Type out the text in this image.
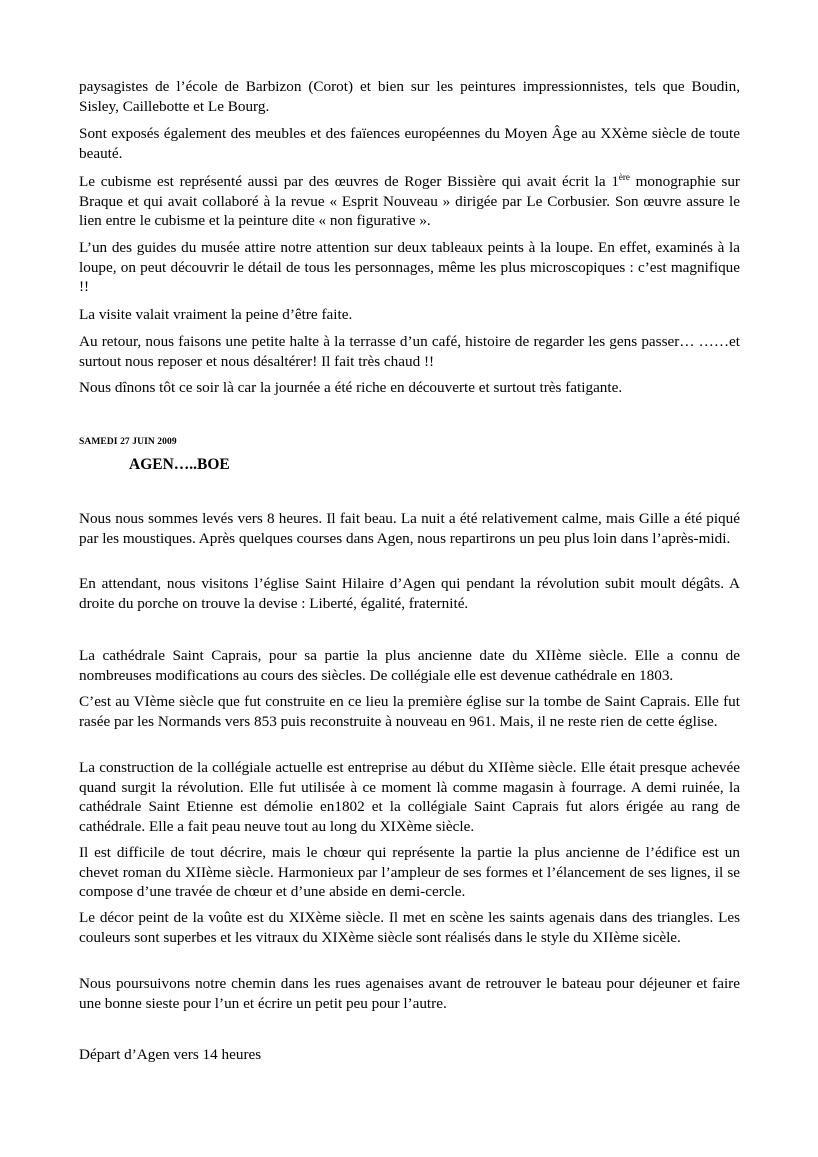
paysagistes de l’école de Barbizon (Corot) et bien sur les peintures impressionnistes, tels que Boudin, Sisley, Caillebotte et Le Bourg.

Sont exposés également des meubles et des faïences européennes du Moyen Âge au XXème siècle de toute beauté.

Le cubisme est représenté aussi par des œuvres de Roger Bissière qui avait écrit la 1ère monographie sur Braque et qui avait collaboré à la revue « Esprit Nouveau » dirigée par Le Corbusier. Son œuvre assure le lien entre le cubisme et la peinture dite « non figurative ».

L’un des guides du musée attire notre attention sur deux tableaux peints à la loupe. En effet, examinés à la loupe, on peut découvrir le détail de tous les personnages, même les plus microscopiques : c’est magnifique !!

La visite valait vraiment la peine d’être faite.

Au retour, nous faisons une petite halte à la terrasse d’un café, histoire de regarder les gens passer… ……et surtout nous reposer et nous désaltérer! Il fait très chaud !!

Nous dînons tôt ce soir là car la journée a été riche en découverte et surtout très fatigante.

SAMEDI 27 JUIN 2009
AGEN…..BOE

Nous nous sommes levés vers 8 heures. Il fait beau. La nuit a été relativement calme, mais Gille a été piqué par les moustiques. Après quelques courses dans Agen, nous repartirons un peu plus loin dans l’après-midi.

En attendant, nous visitons l’église Saint Hilaire d’Agen qui pendant la révolution subit moult dégâts. A droite du porche on trouve la devise : Liberté, égalité, fraternité.

La cathédrale Saint Caprais, pour sa partie la plus ancienne date du XIIème siècle. Elle a connu de nombreuses modifications au cours des siècles. De collégiale elle est devenue cathédrale en 1803.

C’est au VIème siècle que fut construite en ce lieu la première église sur la tombe de Saint Caprais. Elle fut rasée par les Normands vers 853 puis reconstruite à nouveau en 961. Mais, il ne reste rien de cette église.

La construction de la collégiale actuelle est entreprise au début du XIIème siècle. Elle était presque achevée quand surgit la révolution. Elle fut utilisée à ce moment là comme magasin à fourrage. A demi ruinée, la cathédrale Saint Etienne est démolie en1802 et la collégiale Saint Caprais fut alors érigée au rang de cathédrale. Elle a fait peau neuve tout au long du XIXème siècle.

Il est difficile de tout décrire, mais le chœur qui représente la partie la plus ancienne de l’édifice est un chevet roman du XIIème siècle. Harmonieux par l’ampleur de ses formes et l’élancement de ses lignes, il se compose d’une travée de chœur et d’une abside en demi-cercle.

Le décor peint de la voûte est du XIXème siècle. Il met en scène les saints agenais dans des triangles. Les couleurs sont superbes et les vitraux du XIXème siècle sont réalisés dans le style du XIIème sicèle.

Nous poursuivons notre chemin dans les rues agenaises avant de retrouver le bateau pour déjeuner et faire une bonne sieste pour l’un et écrire un petit peu pour l’autre.

Départ d’Agen vers 14 heures
